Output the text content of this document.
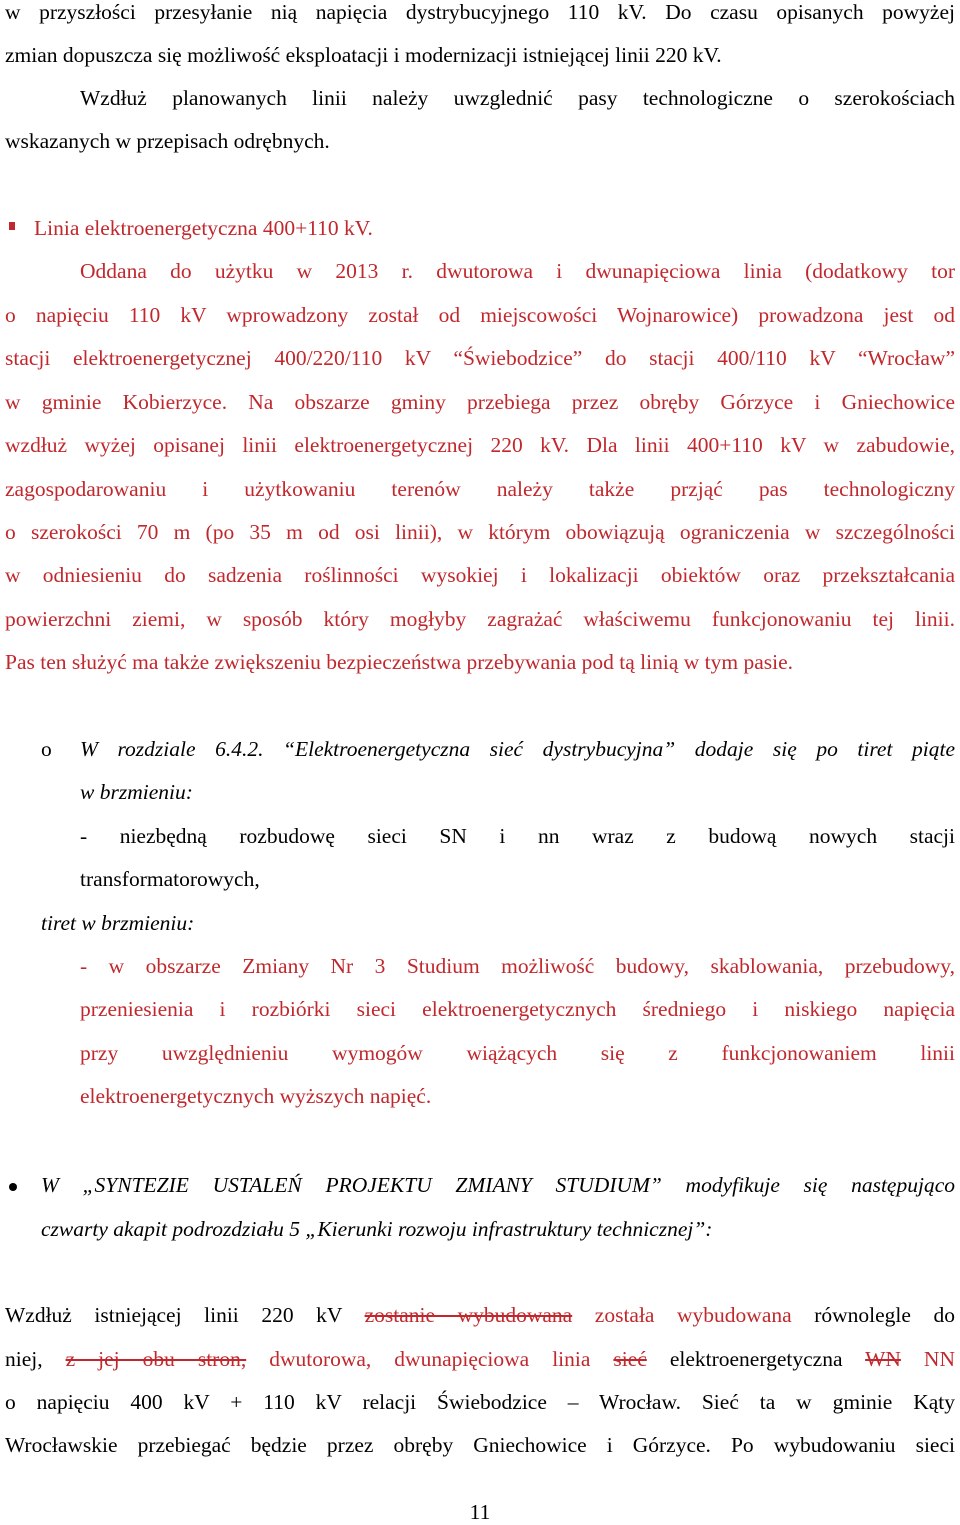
w przyszłości przesyłanie nią napięcia dystrybucyjnego 110 kV. Do czasu opisanych powyżej
zmian dopuszcza się możliwość eksploatacji i modernizacji istniejącej linii 220 kV.
Wzdłuż planowanych linii należy uwzglednić pasy technologiczne o szerokościach
wskazanych w przepisach odrębnych.
Linia elektroenergetyczna 400+110 kV.
Oddana do użytku w 2013 r. dwutorowa i dwunapięciowa linia (dodatkowy tor
o napięciu 110 kV wprowadzony został od miejscowości Wojnarowice) prowadzona jest od
stacji elektroenergetycznej 400/220/110 kV “Świebodzice” do stacji 400/110 kV “Wrocław”
w gminie Kobierzyce. Na obszarze gminy przebiega przez obręby Górzyce i Gniechowice
wzdłuż wyżej opisanej linii elektroenergetycznej 220 kV. Dla linii 400+110 kV w zabudowie,
zagospodarowaniu i użytkowaniu terenów należy także przjąć pas technologiczny
o szerokości 70 m (po 35 m od osi linii), w którym obowiązują ograniczenia w szczególności
w odniesieniu do sadzenia roślinności wysokiej i lokalizacji obiektów oraz przekształcania
powierzchni ziemi, w sposób który mogłyby zagrażać właściwemu funkcjonowaniu tej linii.
Pas ten służyć ma także zwiększeniu bezpieczeństwa przebywania pod tą linią w tym pasie.
o W rozdziale 6.4.2. “Elektroenergetyczna sieć dystrybucyjna” dodaje się po tiret piąte
w brzmieniu:
- niezbędną rozbudowę sieci SN i nn wraz z budową nowych stacji
transformatorowych,
tiret w brzmieniu:
- w obszarze Zmiany Nr 3 Studium możliwość budowy, skablowania, przebudowy,
przeniesienia i rozbiórki sieci elektroenergetycznych średniego i niskiego napięcia
przy uwzględnieniu wymogów wiążących się z funkcjonowaniem linii
elektroenergetycznych wyższych napięć.
W „SYNTEZIE USTALEŃ PROJEKTU ZMIANY STUDIUM” modyfikuje się następująco
czwarty akapit podrozdziału 5 „Kierunki rozwoju infrastruktury technicznej”:
Wzdłuż istniejącej linii 220 kV zostanie wybudowana została wybudowana równolegle do
niej, z jej obu stron, dwutorowa, dwunapięciowa linia sieć elektroenergetyczna WN NN
o napięciu 400 kV + 110 kV relacji Świebodzice – Wrocław. Sieć ta w gminie Kąty
Wrocławskie przebiegać będzie przez obręby Gniechowice i Górzyce. Po wybudowaniu sieci
11
